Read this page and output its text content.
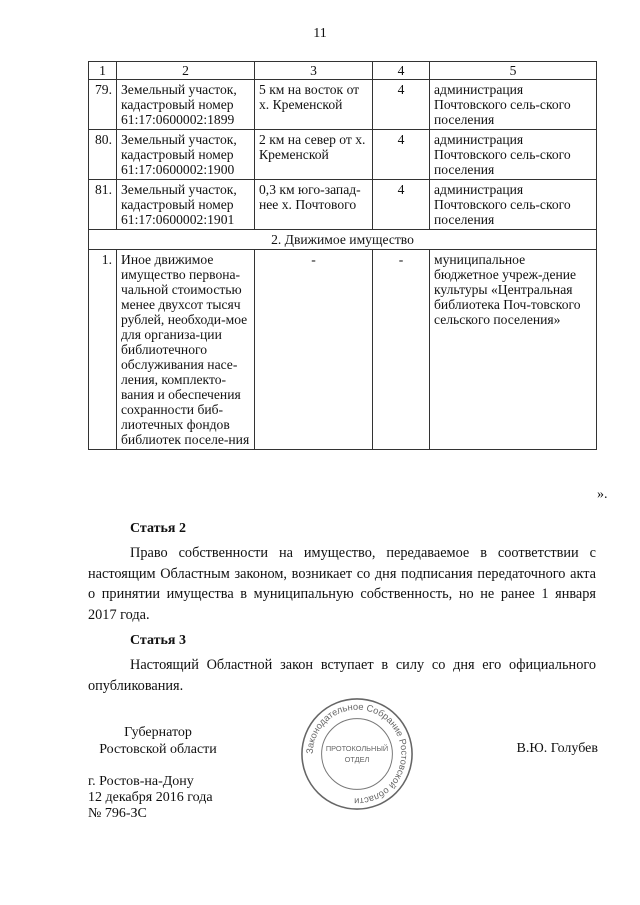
11
1	2	3	4	5
79.	Земельный участок, кадастровый номер 61:17:0600002:1899	5 км на восток от х. Кременской	4	администрация Почтовского сель-ского поселения
80.	Земельный участок, кадастровый номер 61:17:0600002:1900	2 км на север от х. Кременской	4	администрация Почтовского сель-ского поселения
81.	Земельный участок, кадастровый номер 61:17:0600002:1901	0,3 км юго-запад-нее х. Почтового	4	администрация Почтовского сель-ского поселения
2. Движимое имущество				
1.	Иное движимое имущество первона-чальной стоимостью менее двухсот тысяч рублей, необходи-мое для организа-ции библиотечного обслуживания насе-ления, комплекто-вания и обеспечения сохранности биб-лиотечных фондов библиотек поселе-ния	-	-	муниципальное бюджетное учреж-дение культуры «Центральная библиотека Поч-товского сельского поселения»
».
Статья 2

Право собственности на имущество, передаваемое в соответствии с настоящим Областным законом, возникает со дня подписания передаточного акта о принятии имущества в муниципальную собственность, но не ранее 1 января 2017 года.

Статья 3

Настоящий Областной закон вступает в силу со дня его официального опубликования.

Губернатор
Ростовской области	Законодательное Собрание Ростовской области
ПРОТОКОЛЬНЫЙ
ОТДЕЛ
В.Ю. Голубев
г. Ростов-на-Дону
12 декабря 2016 года
№ 796-ЗС
